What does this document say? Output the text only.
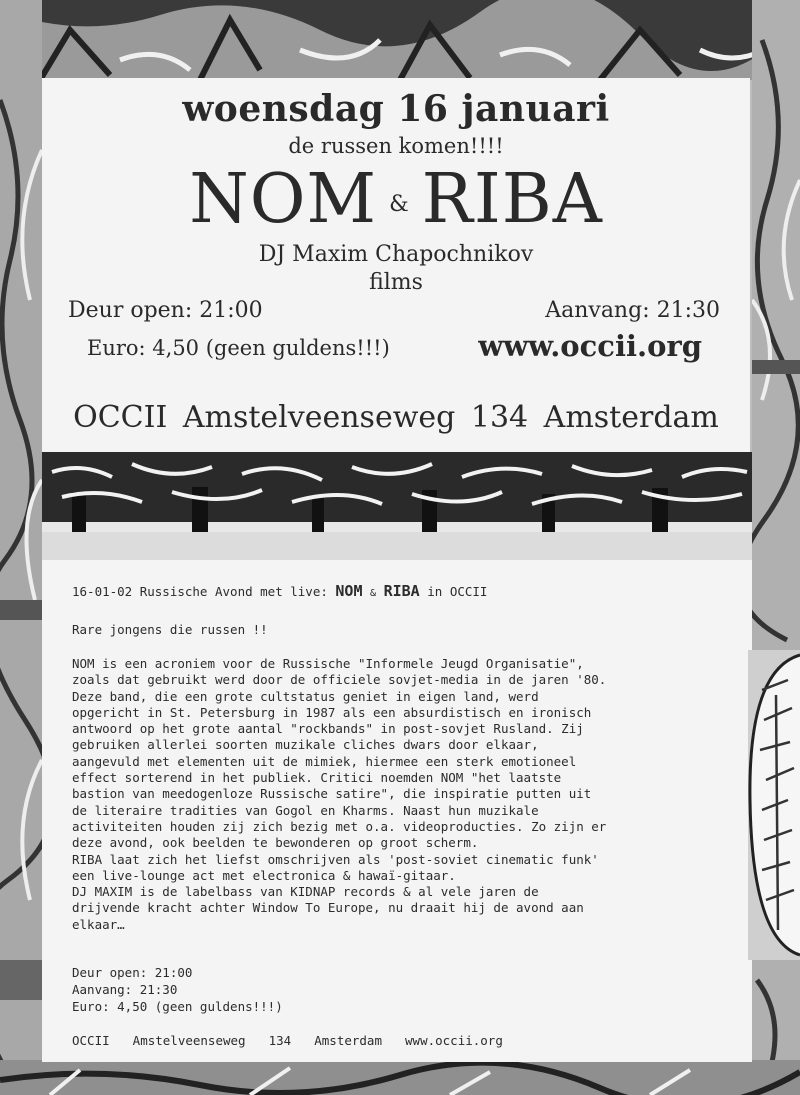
woensdag 16 januari
de russen komen!!!!
NOM & RIBA
DJ Maxim Chapochnikov
films
Deur open: 21:00	Aanvang: 21:30
Euro: 4,50 (geen guldens!!!)	www.occii.org
OCCII Amstelveenseweg 134 Amsterdam
16-01-02 Russische Avond met live: NOM & RIBA in OCCII
Rare jongens die russen !!
NOM is een acroniem voor de Russische "Informele Jeugd Organisatie",
zoals dat gebruikt werd door de officiele sovjet-media in de jaren '80.
Deze band, die een grote cultstatus geniet in eigen land, werd
opgericht in St. Petersburg in 1987 als een absurdistisch en ironisch
antwoord op het grote aantal "rockbands" in post-sovjet Rusland. Zij
gebruiken allerlei soorten muzikale cliches dwars door elkaar,
aangevuld met elementen uit de mimiek, hiermee een sterk emotioneel
effect sorterend in het publiek. Critici noemden NOM "het laatste
bastion van meedogenloze Russische satire", die inspiratie putten uit
de literaire tradities van Gogol en Kharms. Naast hun muzikale
activiteiten houden zij zich bezig met o.a. videoproducties. Zo zijn er
deze avond, ook beelden te bewonderen op groot scherm.
RIBA laat zich het liefst omschrijven als 'post-soviet cinematic funk'
een live-lounge act met electronica & hawaï-gitaar.
DJ MAXIM is de labelbass van KIDNAP records & al vele jaren de
drijvende kracht achter Window To Europe, nu draait hij de avond aan
elkaar…
Deur open: 21:00
Aanvang: 21:30
Euro: 4,50 (geen guldens!!!)
OCCII  Amstelveenseweg  134  Amsterdam  www.occii.org
